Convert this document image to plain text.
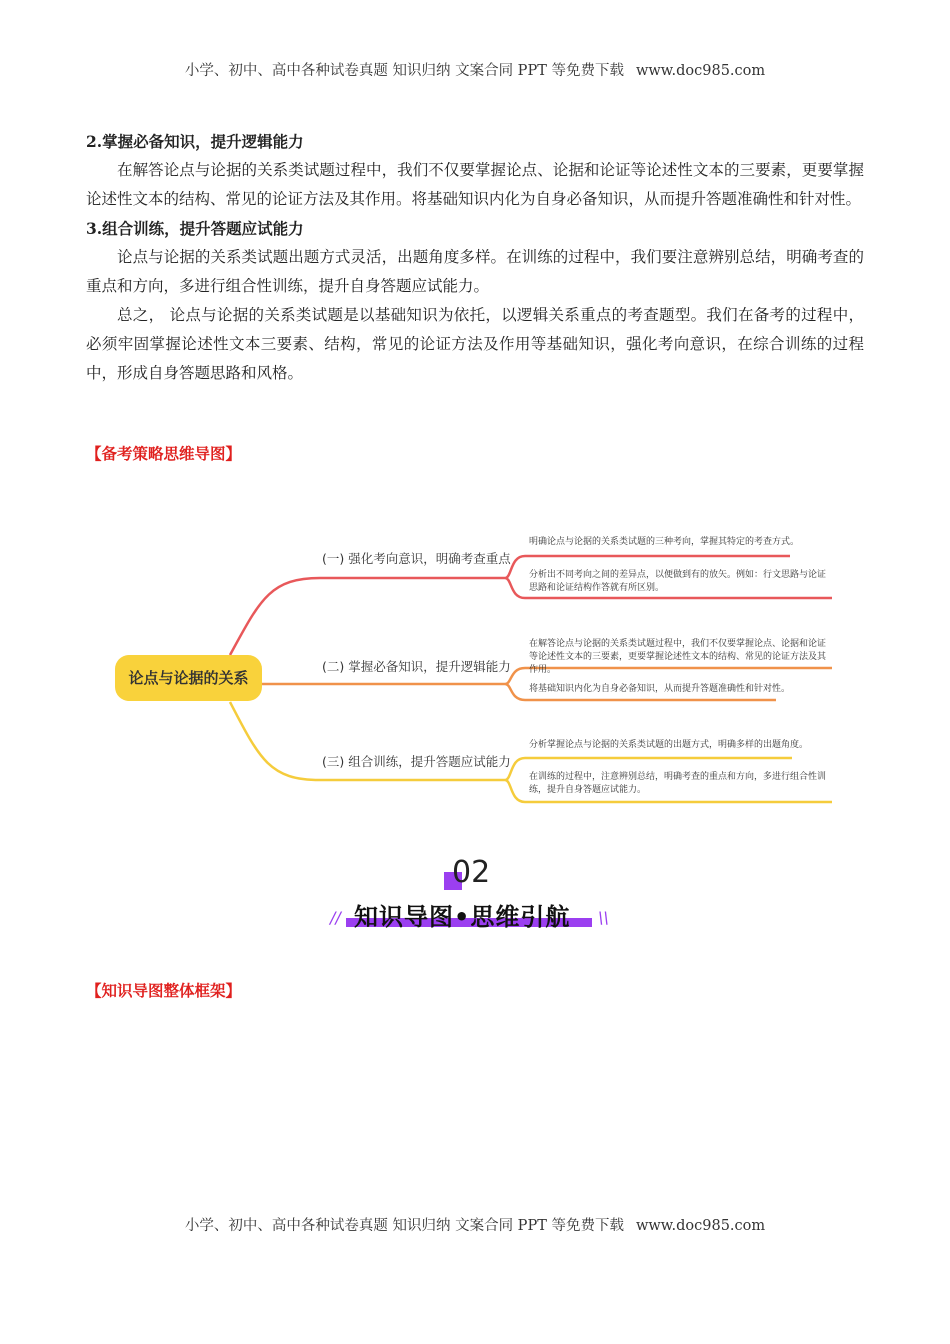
小学、初中、高中各种试卷真题 知识归纳 文案合同 PPT 等免费下载 www.doc985.com
2.掌握必备知识，提升逻辑能力
在解答论点与论据的关系类试题过程中，我们不仅要掌握论点、论据和论证等论述性文本的三要素，更要掌握论述性文本的结构、常见的论证方法及其作用。将基础知识内化为自身必备知识，从而提升答题准确性和针对性。
3.组合训练，提升答题应试能力
论点与论据的关系类试题出题方式灵活，出题角度多样。在训练的过程中，我们要注意辨别总结，明确考查的重点和方向，多进行组合性训练，提升自身答题应试能力。
总之， 论点与论据的关系类试题是以基础知识为依托，以逻辑关系重点的考查题型。我们在备考的过程中，必须牢固掌握论述性文本三要素、结构，常见的论证方法及作用等基础知识，强化考向意识，在综合训练的过程中，形成自身答题思路和风格。
【备考策略思维导图】
论点与论据的关系
(一) 强化考向意识，明确考查重点
明确论点与论据的关系类试题的三种考向，掌握其特定的考查方式。
分析出不同考向之间的差异点，以便做到有的放矢。例如：行文思路与论证思路和论证结构作答就有所区别。
(二) 掌握必备知识，提升逻辑能力
在解答论点与论据的关系类试题过程中，我们不仅要掌握论点、论据和论证等论述性文本的三要素，更要掌握论述性文本的结构、常见的论证方法及其作用。
将基础知识内化为自身必备知识，从而提升答题准确性和针对性。
(三) 组合训练，提升答题应试能力
分析掌握论点与论据的关系类试题的出题方式，明确多样的出题角度。
在训练的过程中，注意辨别总结，明确考查的重点和方向，多进行组合性训练，提升自身答题应试能力。
02
知识导图•思维引航
//	\\
【知识导图整体框架】
小学、初中、高中各种试卷真题 知识归纳 文案合同 PPT 等免费下载 www.doc985.com
